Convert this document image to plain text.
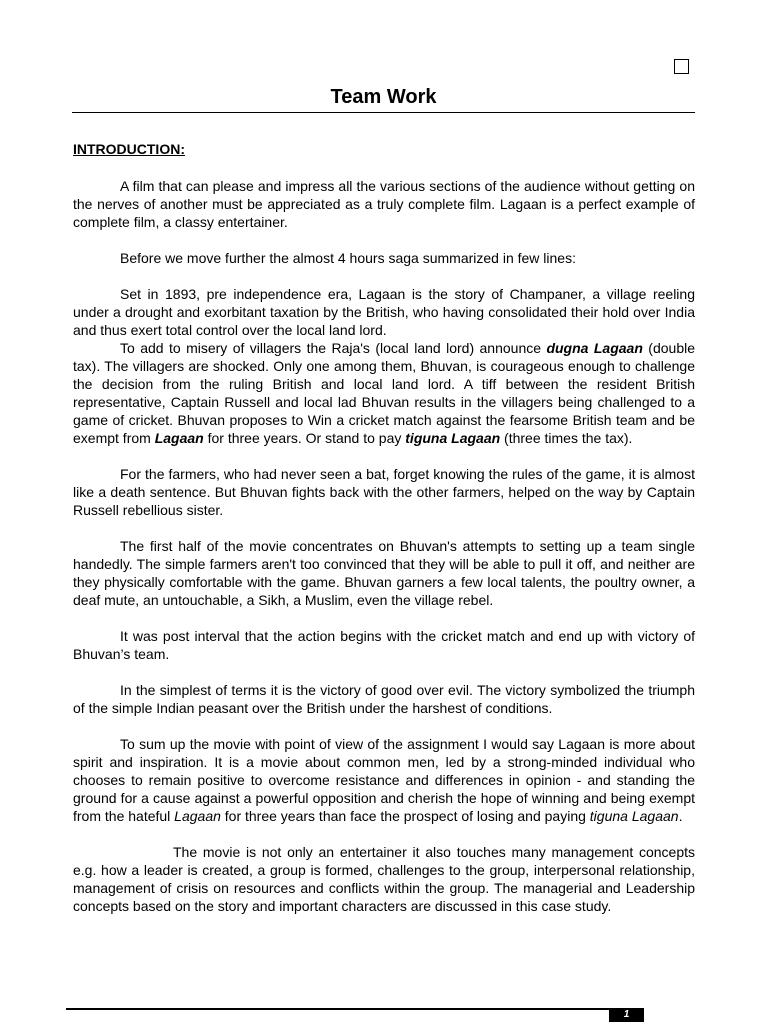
Team Work
INTRODUCTION:

A film that can please and impress all the various sections of the audience without getting on the nerves of another must be appreciated as a truly complete film. Lagaan is a perfect example of complete film, a classy entertainer.

Before we move further the almost 4 hours saga summarized in few lines:

Set in 1893, pre independence era, Lagaan is the story of Champaner, a village reeling under a drought and exorbitant taxation by the British, who having consolidated their hold over India and thus exert total control over the local land lord.

To add to misery of villagers the Raja's (local land lord) announce dugna Lagaan (double tax). The villagers are shocked. Only one among them, Bhuvan, is courageous enough to challenge the decision from the ruling British and local land lord. A tiff between the resident British representative, Captain Russell and local lad Bhuvan results in the villagers being challenged to a game of cricket. Bhuvan proposes to Win a cricket match against the fearsome British team and be exempt from Lagaan for three years. Or stand to pay tiguna Lagaan (three times the tax).

For the farmers, who had never seen a bat, forget knowing the rules of the game, it is almost like a death sentence. But Bhuvan fights back with the other farmers, helped on the way by Captain Russell rebellious sister.

The first half of the movie concentrates on Bhuvan's attempts to setting up a team single handedly. The simple farmers aren't too convinced that they will be able to pull it off, and neither are they physically comfortable with the game. Bhuvan garners a few local talents, the poultry owner, a deaf mute, an untouchable, a Sikh, a Muslim, even the village rebel.

It was post interval that the action begins with the cricket match and end up with victory of Bhuvan’s team.

In the simplest of terms it is the victory of good over evil. The victory symbolized the triumph of the simple Indian peasant over the British under the harshest of conditions.

To sum up the movie with point of view of the assignment I would say Lagaan is more about spirit and inspiration. It is a movie about common men, led by a strong-minded individual who chooses to remain positive to overcome resistance and differences in opinion - and standing the ground for a cause against a powerful opposition and cherish the hope of winning and being exempt from the hateful Lagaan for three years than face the prospect of losing and paying tiguna Lagaan.

The movie is not only an entertainer it also touches many management concepts e.g. how a leader is created, a group is formed, challenges to the group, interpersonal relationship, management of crisis on resources and conflicts within the group. The managerial and Leadership concepts based on the story and important characters are discussed in this case study.

1
